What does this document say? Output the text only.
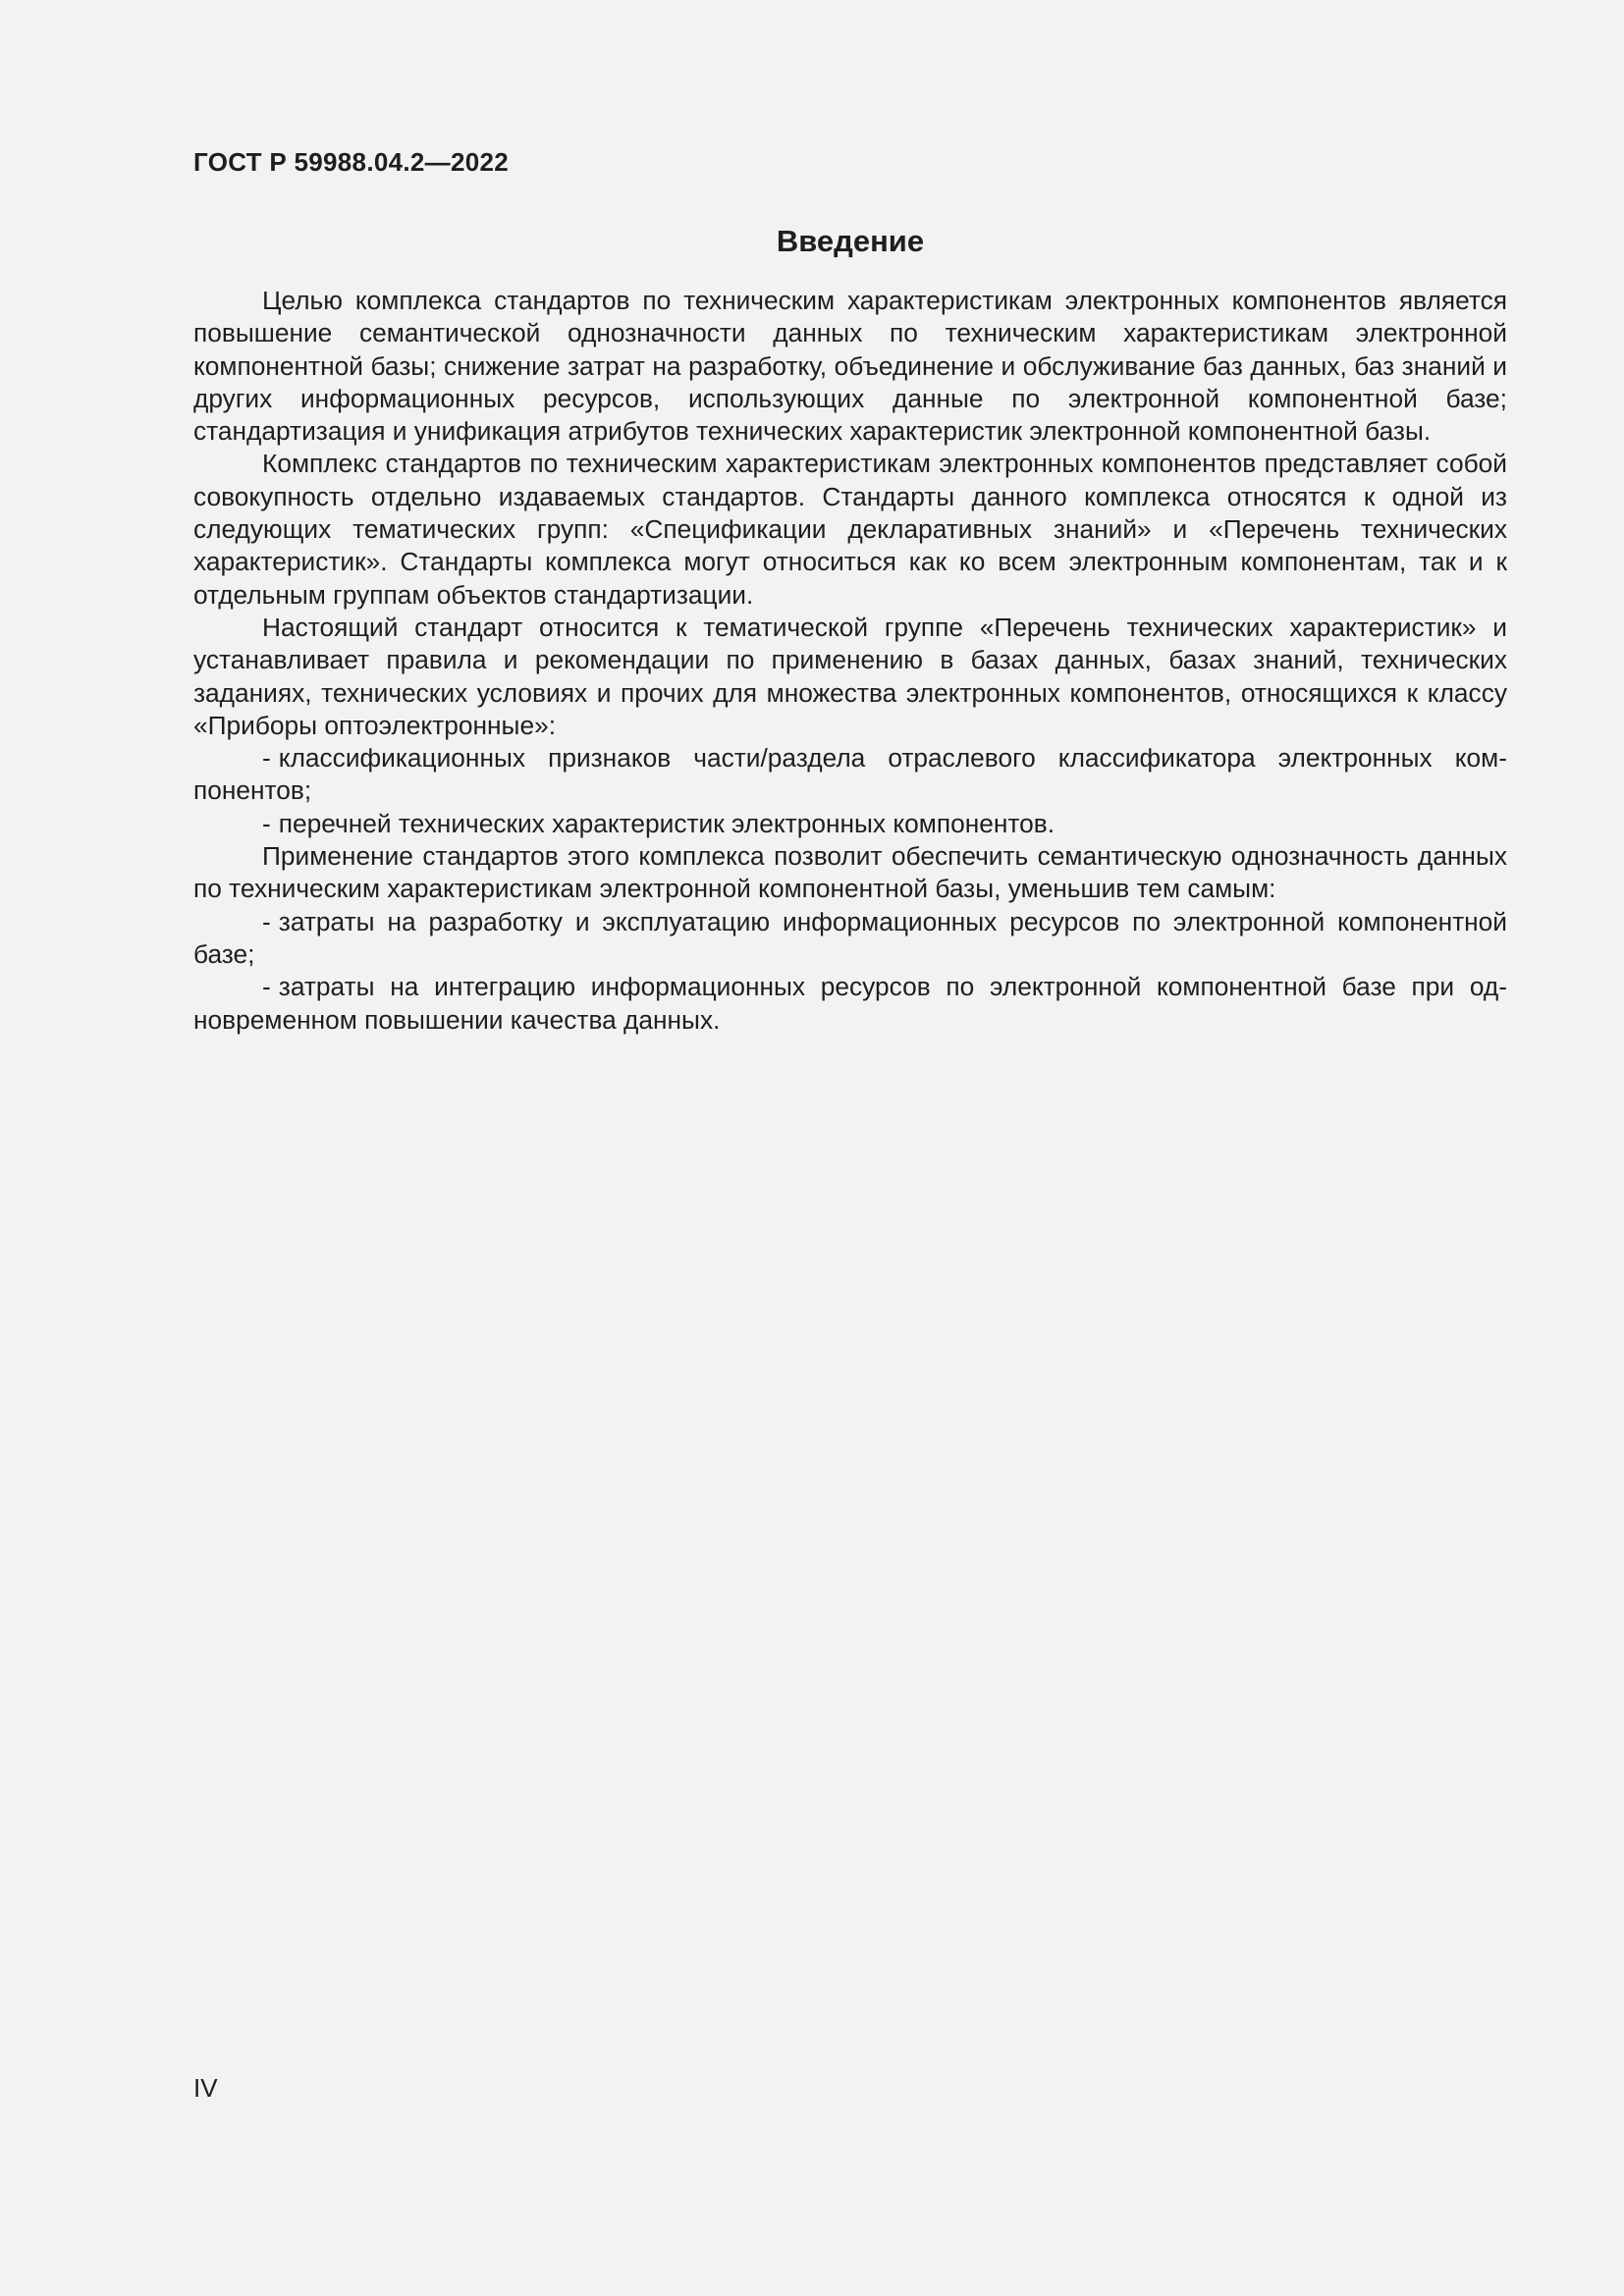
ГОСТ Р 59988.04.2—2022
Введение

Целью комплекса стандартов по техническим характеристикам электронных компонентов является повышение семантической однозначности данных по техническим характеристикам электронной компонентной базы; снижение затрат на разработку, объединение и обслуживание баз данных, баз знаний и других информационных ресурсов, использующих данные по электронной компонентной базе; стандартизация и унификация атрибутов технических характеристик электронной компонентной базы.

Комплекс стандартов по техническим характеристикам электронных компонентов представляет собой совокупность отдельно издаваемых стандартов. Стандарты данного комплекса относятся к одной из следующих тематических групп: «Спецификации декларативных знаний» и «Перечень технических характеристик». Стандарты комплекса могут относиться как ко всем электронным компонентам, так и к отдельным группам объектов стандартизации.

Настоящий стандарт относится к тематической группе «Перечень технических характеристик» и устанавливает правила и рекомендации по применению в базах данных, базах знаний, технических заданиях, технических условиях и прочих для множества электронных компонентов, относящихся к классу «Приборы оптоэлектронные»:

- классификационных признаков части/раздела отраслевого классификатора электронных компонентов;

- перечней технических характеристик электронных компонентов.

Применение стандартов этого комплекса позволит обеспечить семантическую однозначность данных по техническим характеристикам электронной компонентной базы, уменьшив тем самым:

- затраты на разработку и эксплуатацию информационных ресурсов по электронной компонентной базе;

- затраты на интеграцию информационных ресурсов по электронной компонентной базе при одновременном повышении качества данных.

IV
